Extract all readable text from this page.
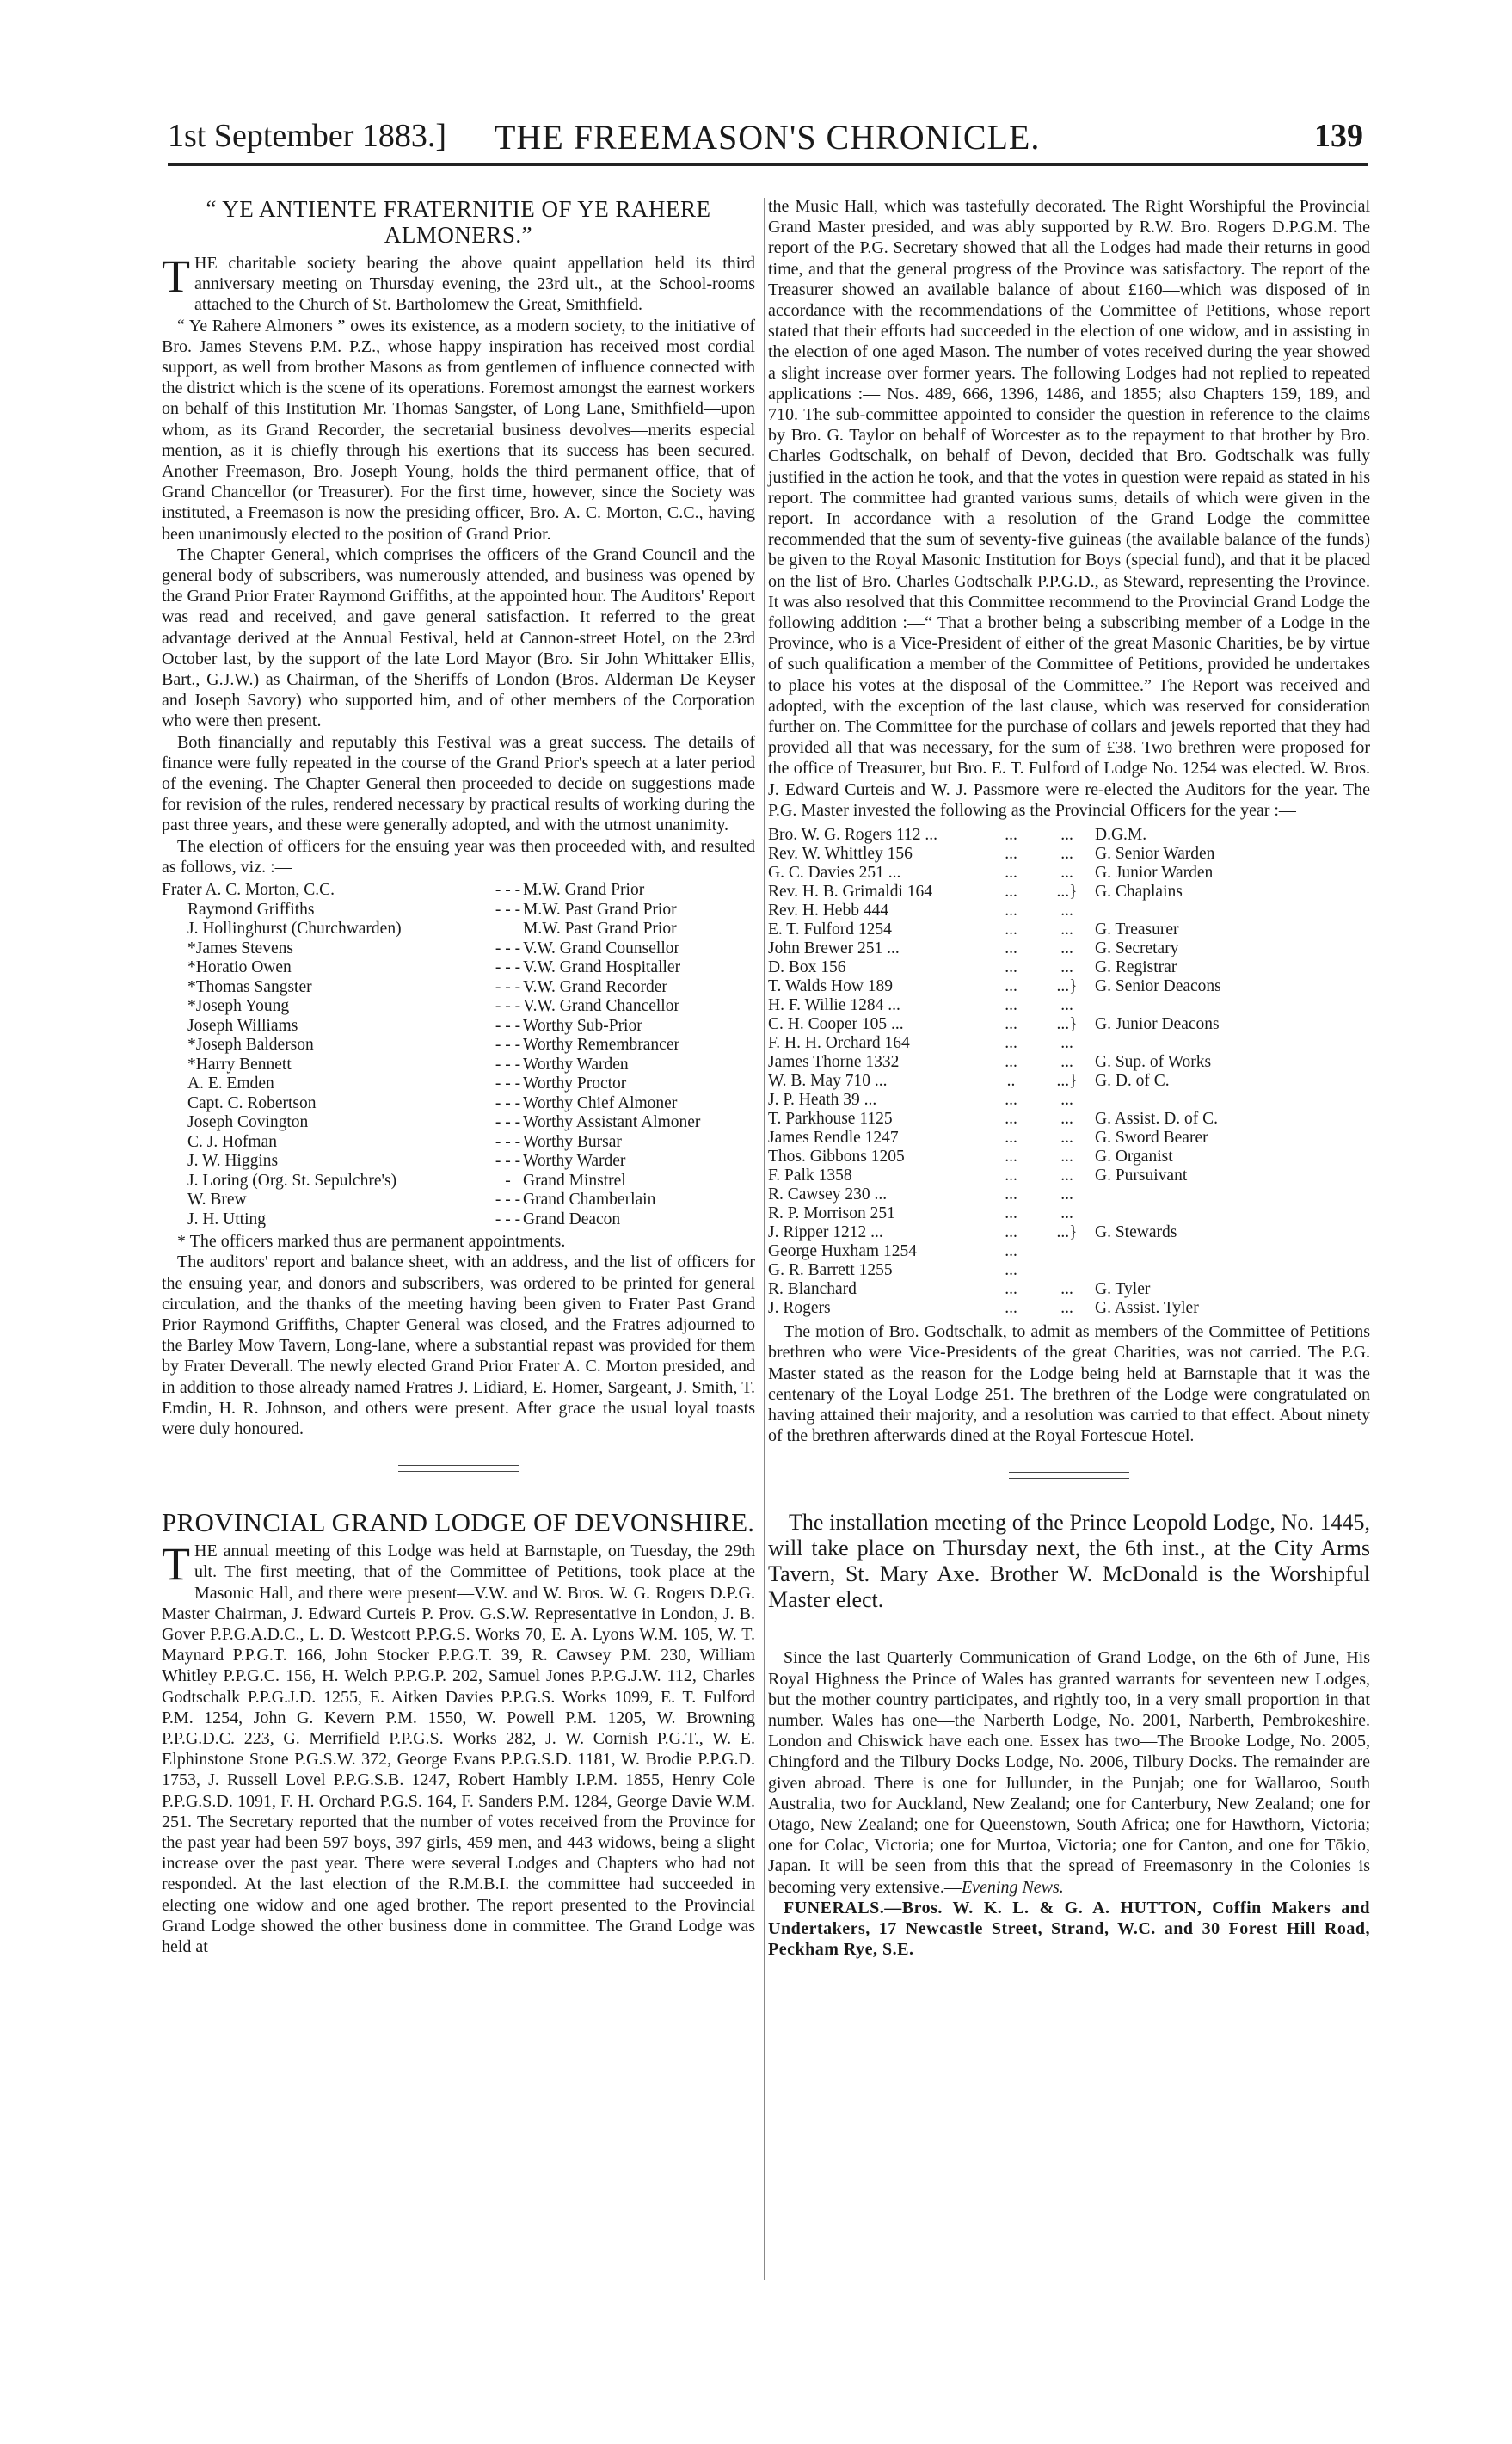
1st September 1883.] THE FREEMASON'S CHRONICLE.	139
“ YE ANTIENTE FRATERNITIE OF YE RAHERE ALMONERS.”

THE charitable society bearing the above quaint appellation held its third anniversary meeting on Thursday evening, the 23rd ult., at the School-rooms attached to the Church of St. Bartholomew the Great, Smithfield.

“ Ye Rahere Almoners ” owes its existence, as a modern society, to the initiative of Bro. James Stevens P.M. P.Z., whose happy inspiration has received most cordial support, as well from brother Masons as from gentlemen of influence connected with the district which is the scene of its operations. Foremost amongst the earnest workers on behalf of this Institution Mr. Thomas Sangster, of Long Lane, Smithfield—upon whom, as its Grand Recorder, the secretarial business devolves—merits especial mention, as it is chiefly through his exertions that its success has been secured. Another Freemason, Bro. Joseph Young, holds the third permanent office, that of Grand Chancellor (or Treasurer). For the first time, however, since the Society was instituted, a Freemason is now the presiding officer, Bro. A. C. Morton, C.C., having been unanimously elected to the position of Grand Prior.

The Chapter General, which comprises the officers of the Grand Council and the general body of subscribers, was numerously attended, and business was opened by the Grand Prior Frater Raymond Griffiths, at the appointed hour. The Auditors' Report was read and received, and gave general satisfaction. It referred to the great advantage derived at the Annual Festival, held at Cannon-street Hotel, on the 23rd October last, by the support of the late Lord Mayor (Bro. Sir John Whittaker Ellis, Bart., G.J.W.) as Chairman, of the Sheriffs of London (Bros. Alderman De Keyser and Joseph Savory) who supported him, and of other members of the Corporation who were then present.

Both financially and reputably this Festival was a great success. The details of finance were fully repeated in the course of the Grand Prior's speech at a later period of the evening. The Chapter General then proceeded to decide on suggestions made for revision of the rules, rendered necessary by practical results of working during the past three years, and these were generally adopted, and with the utmost unanimity.

The election of officers for the ensuing year was then proceeded with, and resulted as follows, viz. :—

Frater A. C. Morton, C.C.	- - -	M.W. Grand Prior
Raymond Griffiths	- - -	M.W. Past Grand Prior
J. Hollinghurst (Churchwarden)		M.W. Past Grand Prior
*James Stevens	- - -	V.W. Grand Counsellor
*Horatio Owen	- - -	V.W. Grand Hospitaller
*Thomas Sangster	- - -	V.W. Grand Recorder
*Joseph Young	- - -	V.W. Grand Chancellor
Joseph Williams	- - -	Worthy Sub-Prior
*Joseph Balderson	- - -	Worthy Remembrancer
*Harry Bennett	- - -	Worthy Warden
A. E. Emden	- - -	Worthy Proctor
Capt. C. Robertson	- - -	Worthy Chief Almoner
Joseph Covington	- - -	Worthy Assistant Almoner
C. J. Hofman	- - -	Worthy Bursar
J. W. Higgins	- - -	Worthy Warder
J. Loring (Org. St. Sepulchre's)	-	Grand Minstrel
W. Brew	- - -	Grand Chamberlain
J. H. Utting	- - -	Grand Deacon

* The officers marked thus are permanent appointments.

The auditors' report and balance sheet, with an address, and the list of officers for the ensuing year, and donors and subscribers, was ordered to be printed for general circulation, and the thanks of the meeting having been given to Frater Past Grand Prior Raymond Griffiths, Chapter General was closed, and the Fratres adjourned to the Barley Mow Tavern, Long-lane, where a substantial repast was provided for them by Frater Deverall. The newly elected Grand Prior Frater A. C. Morton presided, and in addition to those already named Fratres J. Lidiard, E. Homer, Sargeant, J. Smith, T. Emdin, H. R. Johnson, and others were present. After grace the usual loyal toasts were duly honoured.

PROVINCIAL GRAND LODGE OF DEVONSHIRE.

THE annual meeting of this Lodge was held at Barnstaple, on Tuesday, the 29th ult. The first meeting, that of the Committee of Petitions, took place at the Masonic Hall, and there were present—V.W. and W. Bros. W. G. Rogers D.P.G. Master Chairman, J. Edward Curteis P. Prov. G.S.W. Representative in London, J. B. Gover P.P.G.A.D.C., L. D. Westcott P.P.G.S. Works 70, E. A. Lyons W.M. 105, W. T. Maynard P.P.G.T. 166, John Stocker P.P.G.T. 39, R. Cawsey P.M. 230, William Whitley P.P.G.C. 156, H. Welch P.P.G.P. 202, Samuel Jones P.P.G.J.W. 112, Charles Godtschalk P.P.G.J.D. 1255, E. Aitken Davies P.P.G.S. Works 1099, E. T. Fulford P.M. 1254, John G. Kevern P.M. 1550, W. Powell P.M. 1205, W. Browning P.P.G.D.C. 223, G. Merrifield P.P.G.S. Works 282, J. W. Cornish P.G.T., W. E. Elphinstone Stone P.G.S.W. 372, George Evans P.P.G.S.D. 1181, W. Brodie P.P.G.D. 1753, J. Russell Lovel P.P.G.S.B. 1247, Robert Hambly I.P.M. 1855, Henry Cole P.P.G.S.D. 1091, F. H. Orchard P.G.S. 164, F. Sanders P.M. 1284, George Davie W.M. 251. The Secretary reported that the number of votes received from the Province for the past year had been 597 boys, 397 girls, 459 men, and 443 widows, being a slight increase over the past year. There were several Lodges and Chapters who had not responded. At the last election of the R.M.B.I. the committee had succeeded in electing one widow and one aged brother. The report presented to the Provincial Grand Lodge showed the other business done in committee. The Grand Lodge was held at

the Music Hall, which was tastefully decorated. The Right Worshipful the Provincial Grand Master presided, and was ably supported by R.W. Bro. Rogers D.P.G.M. The report of the P.G. Secretary showed that all the Lodges had made their returns in good time, and that the general progress of the Province was satisfactory. The report of the Treasurer showed an available balance of about £160—which was disposed of in accordance with the recommendations of the Committee of Petitions, whose report stated that their efforts had succeeded in the election of one widow, and in assisting in the election of one aged Mason. The number of votes received during the year showed a slight increase over former years. The following Lodges had not replied to repeated applications :— Nos. 489, 666, 1396, 1486, and 1855; also Chapters 159, 189, and 710. The sub-committee appointed to consider the question in reference to the claims by Bro. G. Taylor on behalf of Worcester as to the repayment to that brother by Bro. Charles Godtschalk, on behalf of Devon, decided that Bro. Godtschalk was fully justified in the action he took, and that the votes in question were repaid as stated in his report. The committee had granted various sums, details of which were given in the report. In accordance with a resolution of the Grand Lodge the committee recommended that the sum of seventy-five guineas (the available balance of the funds) be given to the Royal Masonic Institution for Boys (special fund), and that it be placed on the list of Bro. Charles Godtschalk P.P.G.D., as Steward, representing the Province. It was also resolved that this Committee recommend to the Provincial Grand Lodge the following addition :—“ That a brother being a subscribing member of a Lodge in the Province, who is a Vice-President of either of the great Masonic Charities, be by virtue of such qualification a member of the Committee of Petitions, provided he undertakes to place his votes at the disposal of the Committee.” The Report was received and adopted, with the exception of the last clause, which was reserved for consideration further on. The Committee for the purchase of collars and jewels reported that they had provided all that was necessary, for the sum of £38. Two brethren were proposed for the office of Treasurer, but Bro. E. T. Fulford of Lodge No. 1254 was elected. W. Bros. J. Edward Curteis and W. J. Passmore were re-elected the Auditors for the year. The P.G. Master invested the following as the Provincial Officers for the year :—

Bro. W. G. Rogers 112 ...	...	...	D.G.M.
Rev. W. Whittley 156	...	...	G. Senior Warden
G. C. Davies 251 ...	...	...	G. Junior Warden
Rev. H. B. Grimaldi 164	...	...}	G. Chaplains
Rev. H. Hebb 444	...	...	
E. T. Fulford 1254	...	...	G. Treasurer
John Brewer 251 ...	...	...	G. Secretary
D. Box 156	...	...	G. Registrar
T. Walds How 189	...	...}	G. Senior Deacons
H. F. Willie 1284 ...	...	...	
C. H. Cooper 105 ...	...	...}	G. Junior Deacons
F. H. H. Orchard 164	...	...	
James Thorne 1332	...	...	G. Sup. of Works
W. B. May 710 ...	..	...}	G. D. of C.
J. P. Heath 39 ...	...	...	
T. Parkhouse 1125	...	...	G. Assist. D. of C.
James Rendle 1247	...	...	G. Sword Bearer
Thos. Gibbons 1205	...	...	G. Organist
F. Palk 1358	...	...	G. Pursuivant
R. Cawsey 230 ...	...	...	
R. P. Morrison 251	...	...	
J. Ripper 1212 ...	...	...}	G. Stewards
George Huxham 1254	...		
G. R. Barrett 1255	...		
R. Blanchard	...	...	G. Tyler
J. Rogers	...	...	G. Assist. Tyler

The motion of Bro. Godtschalk, to admit as members of the Committee of Petitions brethren who were Vice-Presidents of the great Charities, was not carried. The P.G. Master stated as the reason for the Lodge being held at Barnstaple that it was the centenary of the Loyal Lodge 251. The brethren of the Lodge were congratulated on having attained their majority, and a resolution was carried to that effect. About ninety of the brethren afterwards dined at the Royal Fortescue Hotel.

The installation meeting of the Prince Leopold Lodge, No. 1445, will take place on Thursday next, the 6th inst., at the City Arms Tavern, St. Mary Axe. Brother W. McDonald is the Worshipful Master elect.

Since the last Quarterly Communication of Grand Lodge, on the 6th of June, His Royal Highness the Prince of Wales has granted warrants for seventeen new Lodges, but the mother country participates, and rightly too, in a very small proportion in that number. Wales has one—the Narberth Lodge, No. 2001, Narberth, Pembrokeshire. London and Chiswick have each one. Essex has two—The Brooke Lodge, No. 2005, Chingford and the Tilbury Docks Lodge, No. 2006, Tilbury Docks. The remainder are given abroad. There is one for Jullunder, in the Punjab; one for Wallaroo, South Australia, two for Auckland, New Zealand; one for Canterbury, New Zealand; one for Otago, New Zealand; one for Queenstown, South Africa; one for Hawthorn, Victoria; one for Colac, Victoria; one for Murtoa, Victoria; one for Canton, and one for Tōkio, Japan. It will be seen from this that the spread of Freemasonry in the Colonies is becoming very extensive.—Evening News.

FUNERALS.—Bros. W. K. L. & G. A. HUTTON, Coffin Makers and Undertakers, 17 Newcastle Street, Strand, W.C. and 30 Forest Hill Road, Peckham Rye, S.E.
